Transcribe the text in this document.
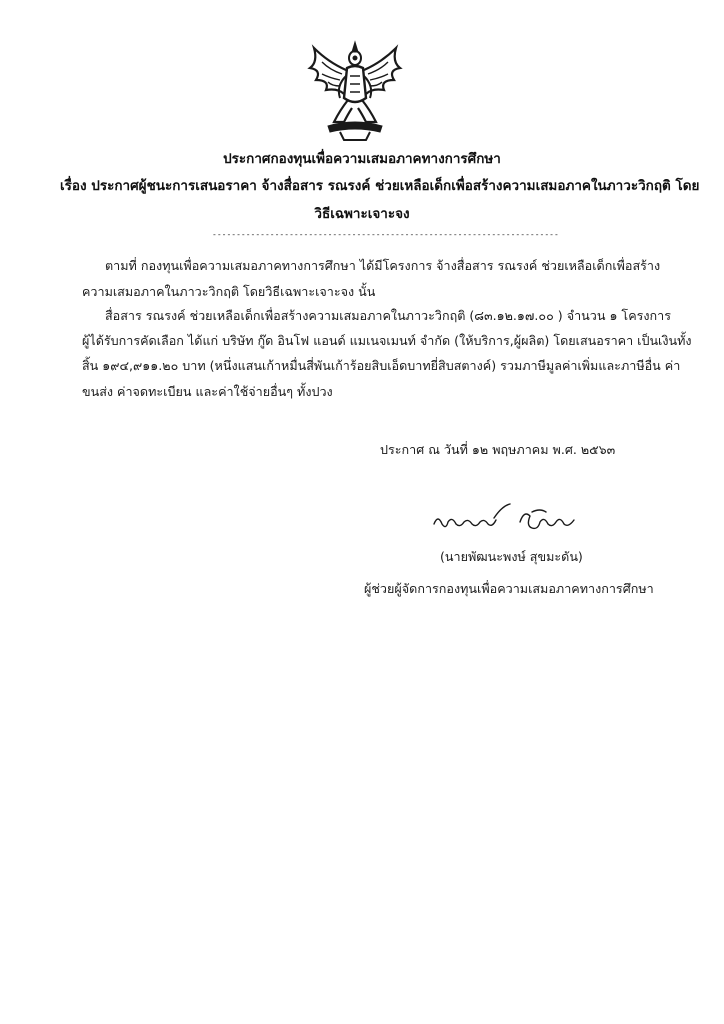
ประกาศกองทุนเพื่อความเสมอภาคทางการศึกษา
เรื่อง ประกาศผู้ชนะการเสนอราคา จ้างสื่อสาร รณรงค์ ช่วยเหลือเด็กเพื่อสร้างความเสมอภาคในภาวะวิกฤติ โดย
วิธีเฉพาะเจาะจง
------------------------------------------------------------------------
ตามที่ กองทุนเพื่อความเสมอภาคทางการศึกษา ได้มีโครงการ จ้างสื่อสาร รณรงค์ ช่วยเหลือเด็กเพื่อสร้าง
ความเสมอภาคในภาวะวิกฤติ โดยวิธีเฉพาะเจาะจง นั้น
สื่อสาร รณรงค์ ช่วยเหลือเด็กเพื่อสร้างความเสมอภาคในภาวะวิกฤติ (๘๓.๑๒.๑๗.๐๐ ) จำนวน ๑ โครงการ
ผู้ได้รับการคัดเลือก ได้แก่ บริษัท กู๊ด อินโฟ แอนด์ แมเนจเมนท์ จำกัด (ให้บริการ,ผู้ผลิต) โดยเสนอราคา เป็นเงินทั้ง
สิ้น ๑๙๔,๙๑๑.๒๐ บาท (หนึ่งแสนเก้าหมื่นสี่พันเก้าร้อยสิบเอ็ดบาทยี่สิบสตางค์) รวมภาษีมูลค่าเพิ่มและภาษีอื่น ค่า
ขนส่ง ค่าจดทะเบียน และค่าใช้จ่ายอื่นๆ ทั้งปวง
ประกาศ ณ วันที่ ๑๒ พฤษภาคม พ.ศ. ๒๕๖๓
(นายพัฒนะพงษ์ สุขมะดัน)
ผู้ช่วยผู้จัดการกองทุนเพื่อความเสมอภาคทางการศึกษา
